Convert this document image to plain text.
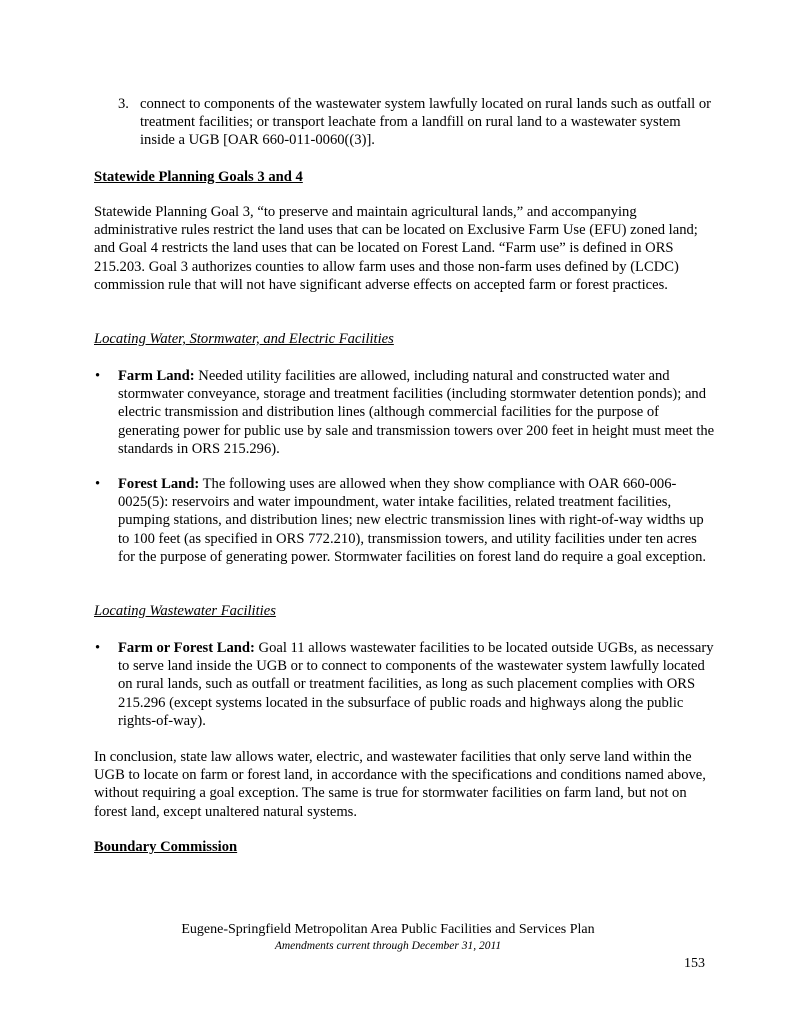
3. connect to components of the wastewater system lawfully located on rural lands such as outfall or treatment facilities; or transport leachate from a landfill on rural land to a wastewater system inside a UGB [OAR 660-011-0060((3)].

Statewide Planning Goals 3 and 4

Statewide Planning Goal 3, “to preserve and maintain agricultural lands,” and accompanying administrative rules restrict the land uses that can be located on Exclusive Farm Use (EFU) zoned land; and Goal 4 restricts the land uses that can be located on Forest Land. “Farm use” is defined in ORS 215.203. Goal 3 authorizes counties to allow farm uses and those non-farm uses defined by (LCDC) commission rule that will not have significant adverse effects on accepted farm or forest practices.

Locating Water, Stormwater, and Electric Facilities

•	Farm Land: Needed utility facilities are allowed, including natural and constructed water and stormwater conveyance, storage and treatment facilities (including stormwater detention ponds); and electric transmission and distribution lines (although commercial facilities for the purpose of generating power for public use by sale and transmission towers over 200 feet in height must meet the standards in ORS 215.296).
•	Forest Land: The following uses are allowed when they show compliance with OAR 660-006-0025(5): reservoirs and water impoundment, water intake facilities, related treatment facilities, pumping stations, and distribution lines; new electric transmission lines with right-of-way widths up to 100 feet (as specified in ORS 772.210), transmission towers, and utility facilities under ten acres for the purpose of generating power. Stormwater facilities on forest land do require a goal exception.

Locating Wastewater Facilities

•	Farm or Forest Land: Goal 11 allows wastewater facilities to be located outside UGBs, as necessary to serve land inside the UGB or to connect to components of the wastewater system lawfully located on rural lands, such as outfall or treatment facilities, as long as such placement complies with ORS 215.296 (except systems located in the subsurface of public roads and highways along the public rights-of-way).

In conclusion, state law allows water, electric, and wastewater facilities that only serve land within the UGB to locate on farm or forest land, in accordance with the specifications and conditions named above, without requiring a goal exception. The same is true for stormwater facilities on farm land, but not on forest land, except unaltered natural systems.

Boundary Commission

Eugene-Springfield Metropolitan Area Public Facilities and Services Plan

Amendments current through December 31, 2011

153
